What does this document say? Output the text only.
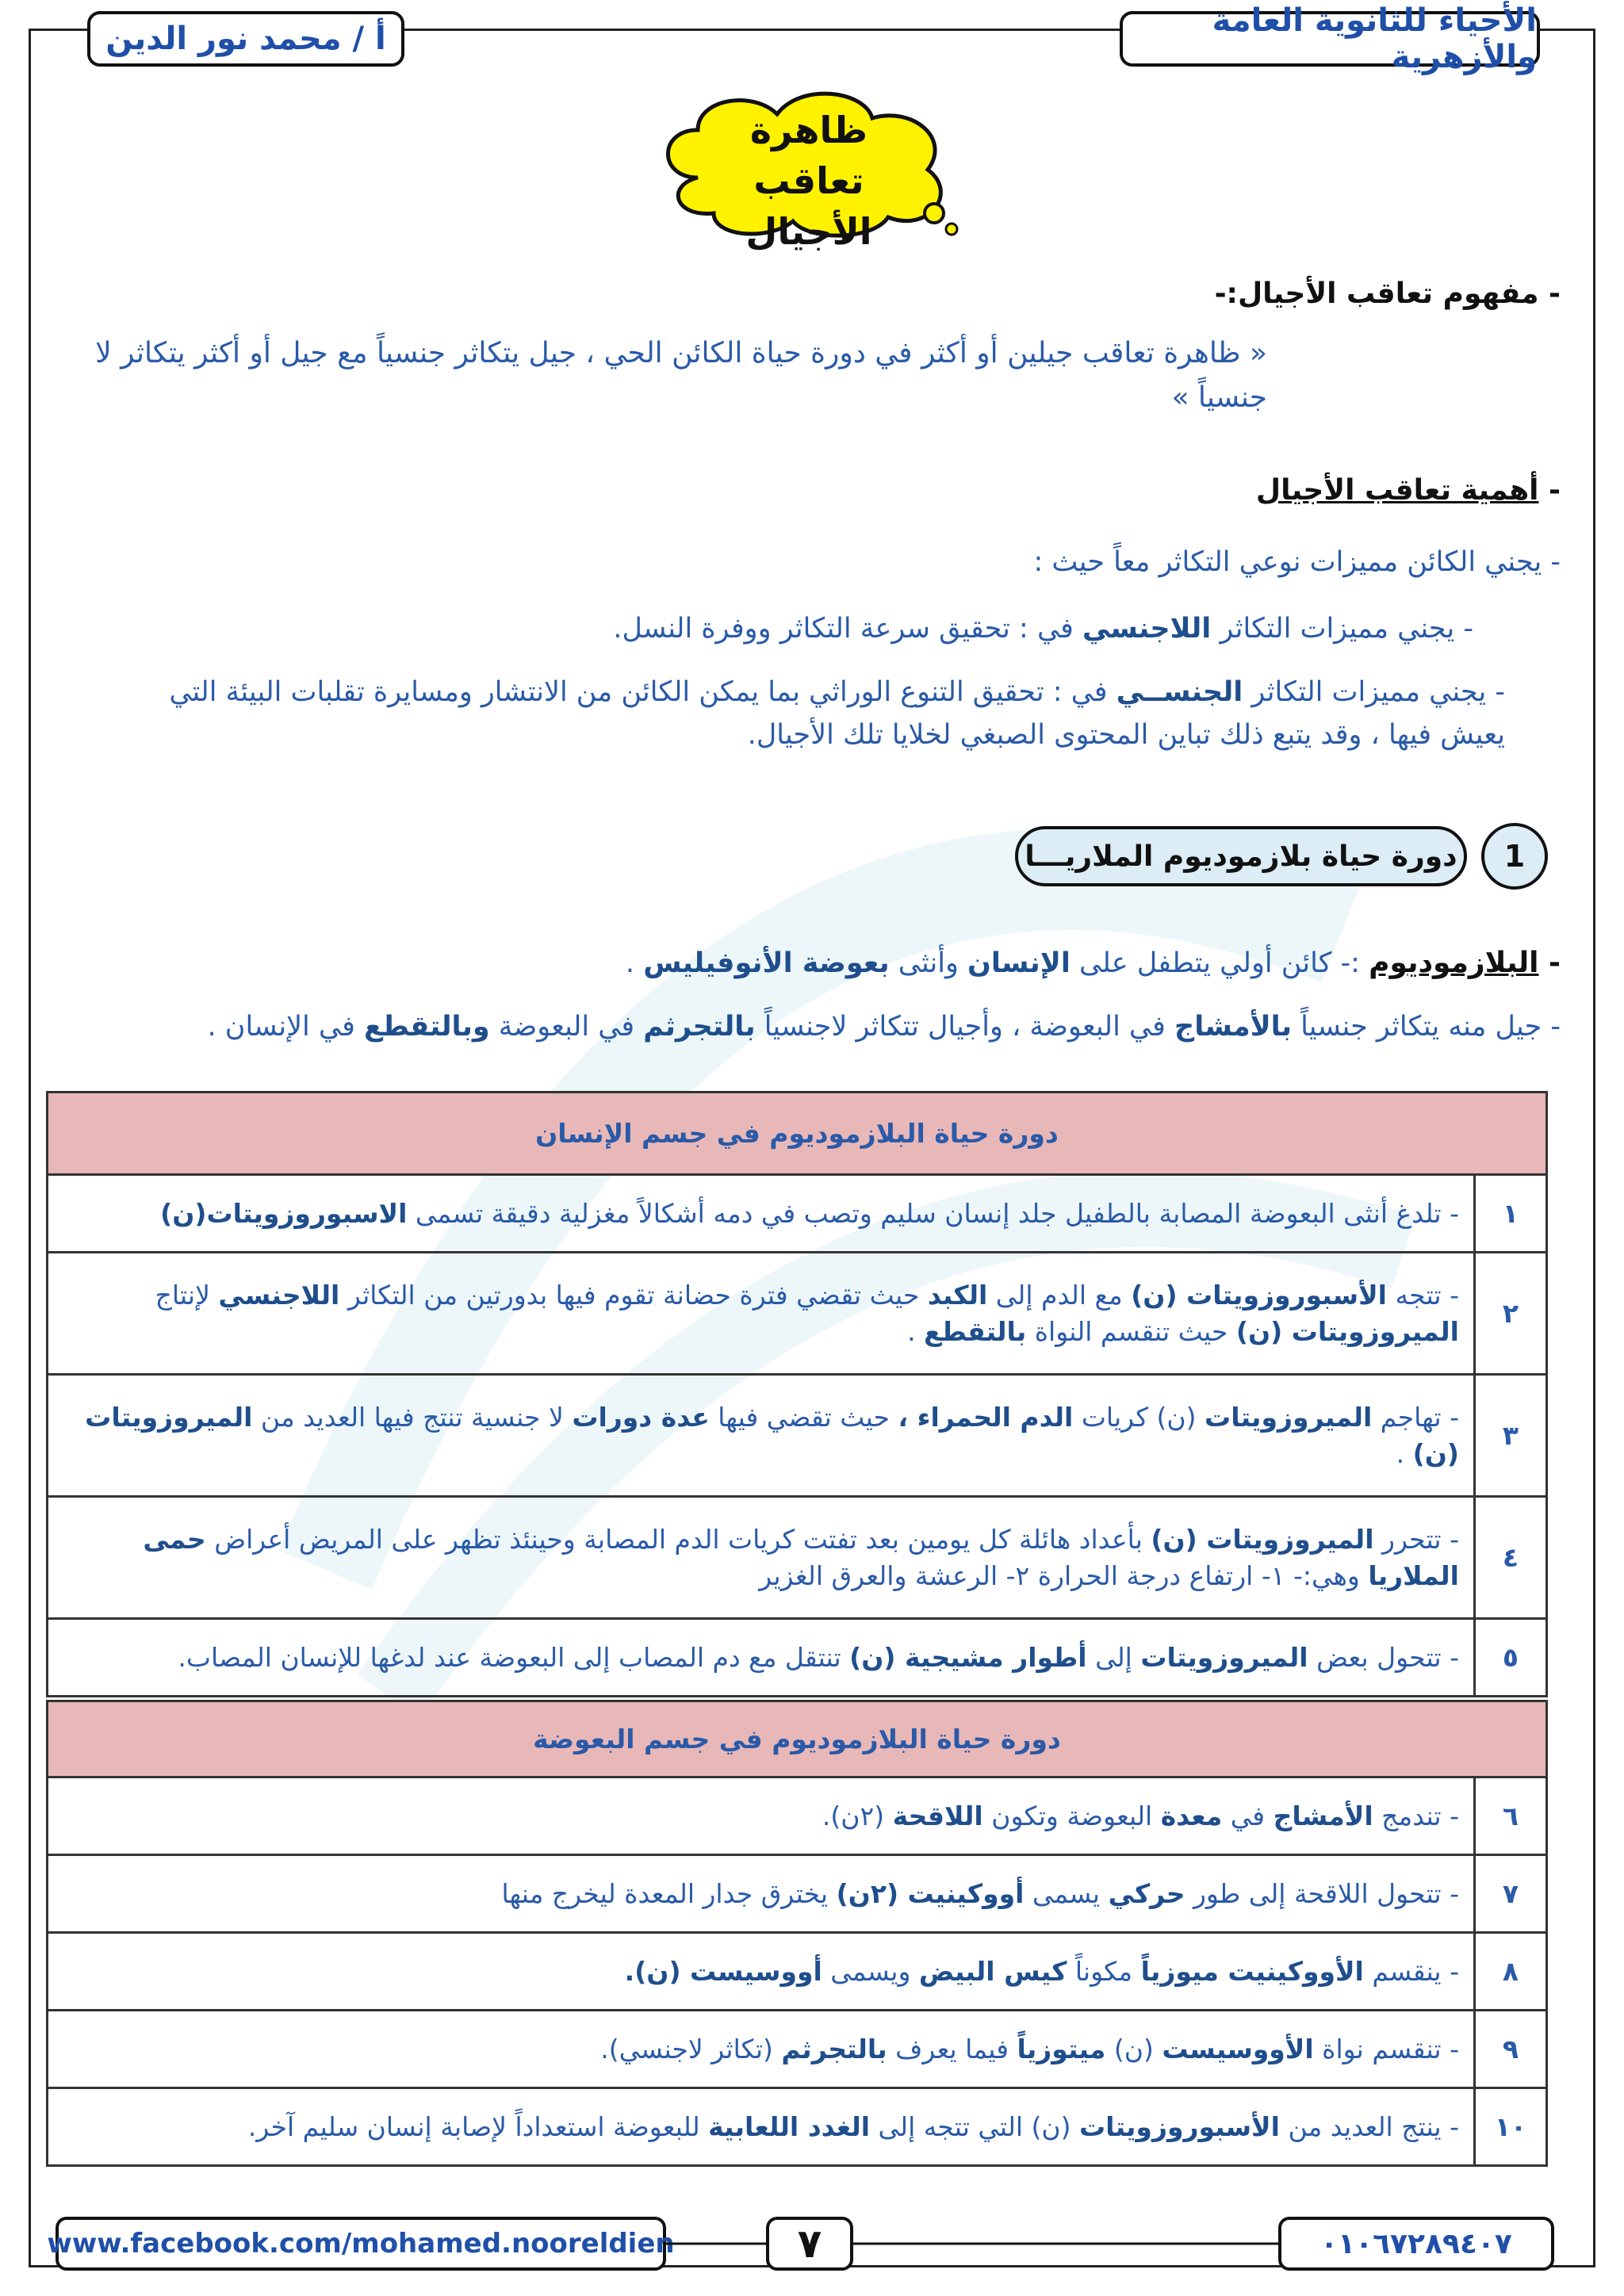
الأحياء للثانوية العامة والأزهرية
أ / محمد نور الدين
ظاهرة تعاقب
الأجيال
- مفهوم تعاقب الأجيال:-
« ظاهرة تعاقب جيلين أو أكثر في دورة حياة الكائن الحي ، جيل يتكاثر جنسياً مع جيل أو أكثر يتكاثر لا جنسياً »
- أهمية تعاقب الأجيال
- يجني الكائن مميزات نوعي التكاثر معاً حيث :
- يجني مميزات التكاثر اللاجنسي في : تحقيق سرعة التكاثر ووفرة النسل.
- يجني مميزات التكاثر الجنســي في : تحقيق التنوع الوراثي بما يمكن الكائن من الانتشار ومسايرة تقلبات البيئة التي يعيش فيها ، وقد يتبع ذلك تباين المحتوى الصبغي لخلايا تلك الأجيال.
دورة حياة بلازموديوم الملاريـــا	1
- البلازموديوم :- كائن أولي يتطفل على الإنسان وأنثى بعوضة الأنوفيليس .
- جيل منه يتكاثر جنسياً بالأمشاج في البعوضة ، وأجيال تتكاثر لاجنسياً بالتجرثم في البعوضة وبالتقطع في الإنسان .
دورة حياة البلازموديوم في جسم الإنسان	
١	- تلدغ أنثى البعوضة المصابة بالطفيل جلد إنسان سليم وتصب في دمه أشكالاً مغزلية دقيقة تسمى الاسبوروزويتات(ن)
٢	- تتجه الأسبوروزويتات (ن) مع الدم إلى الكبد حيث تقضي فترة حضانة تقوم فيها بدورتين من التكاثر اللاجنسي لإنتاج الميروزويتات (ن) حيث تنقسم النواة بالتقطع .
٣	- تهاجم الميروزويتات (ن) كريات الدم الحمراء ، حيث تقضي فيها عدة دورات لا جنسية تنتج فيها العديد من الميروزويتات (ن) .
٤	- تتحرر الميروزويتات (ن) بأعداد هائلة كل يومين بعد تفتت كريات الدم المصابة وحينئذ تظهر على المريض أعراض حمى الملاريا وهي:- ١- ارتفاع درجة الحرارة ٢- الرعشة والعرق الغزير
٥	- تتحول بعض الميروزويتات إلى أطوار مشيجية (ن) تنتقل مع دم المصاب إلى البعوضة عند لدغها للإنسان المصاب.
دورة حياة البلازموديوم في جسم البعوضة	
٦	- تندمج الأمشاج في معدة البعوضة وتكون اللاقحة (٢ن).
٧	- تتحول اللاقحة إلى طور حركي يسمى أووكينيت (٢ن) يخترق جدار المعدة ليخرج منها
٨	- ينقسم الأووكينيت ميوزياً مكوناً كيس البيض ويسمى أووسيست (ن).
٩	- تنقسم نواة الأووسيست (ن) ميتوزياً فيما يعرف بالتجرثم (تكاثر لاجنسي).
١٠	- ينتج العديد من الأسبوروزويتات (ن) التي تتجه إلى الغدد اللعابية للبعوضة استعداداً لإصابة إنسان سليم آخر.
www.facebook.com/mohamed.nooreldien	٧	٠١٠٦٧٢٨٩٤٠٧
